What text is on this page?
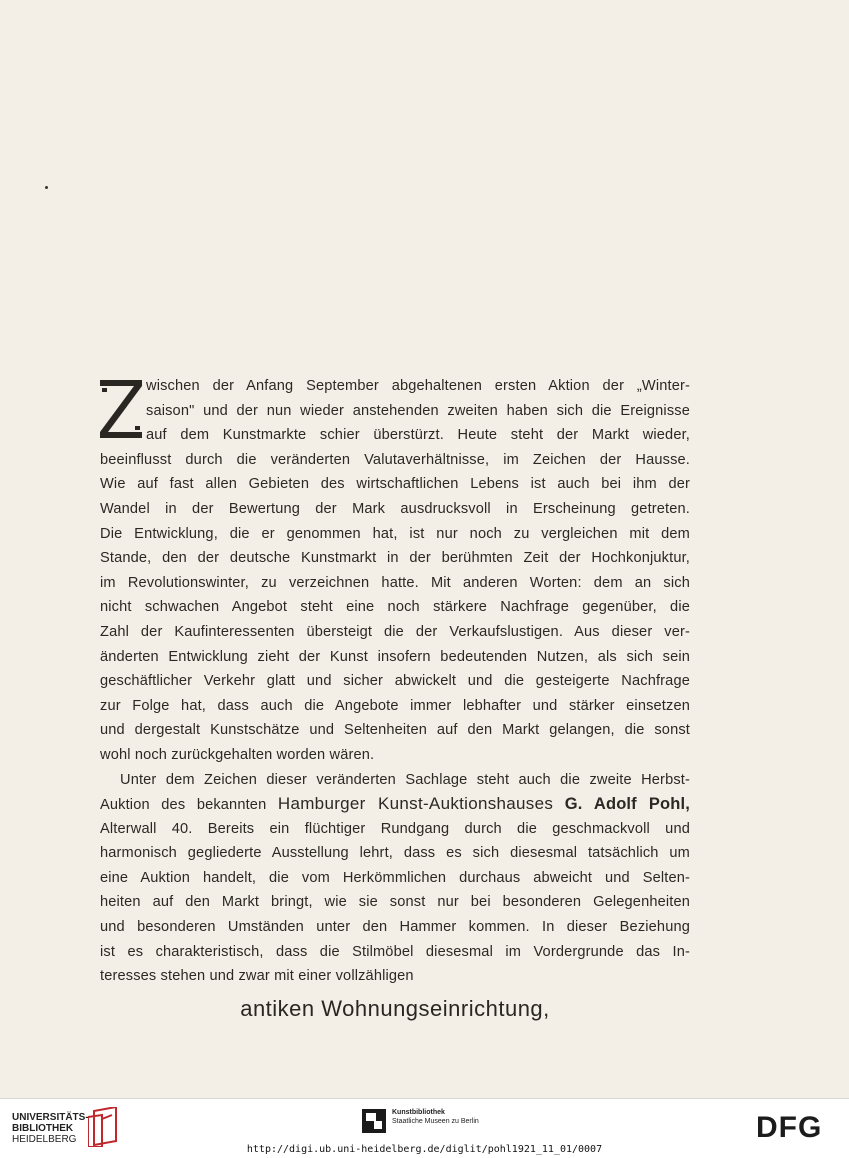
wischen der Anfang September abgehaltenen ersten Aktion der „Winter-
saison" und der nun wieder anstehenden zweiten haben sich die Ereignisse
auf dem Kunstmarkte schier überstürzt. Heute steht der Markt wieder,
beeinflusst durch die veränderten Valutaverhältnisse, im Zeichen der Hausse.
Wie auf fast allen Gebieten des wirtschaftlichen Lebens ist auch bei ihm der
Wandel in der Bewertung der Mark ausdrucksvoll in Erscheinung getreten.
Die Entwicklung, die er genommen hat, ist nur noch zu vergleichen mit dem
Stande, den der deutsche Kunstmarkt in der berühmten Zeit der Hochkonjuktur,
im Revolutionswinter, zu verzeichnen hatte. Mit anderen Worten: dem an sich
nicht schwachen Angebot steht eine noch stärkere Nachfrage gegenüber, die
Zahl der Kaufinteressenten übersteigt die der Verkaufslustigen. Aus dieser ver-
änderten Entwicklung zieht der Kunst insofern bedeutenden Nutzen, als sich sein
geschäftlicher Verkehr glatt und sicher abwickelt und die gesteigerte Nachfrage
zur Folge hat, dass auch die Angebote immer lebhafter und stärker einsetzen
und dergestalt Kunstschätze und Seltenheiten auf den Markt gelangen, die sonst
wohl noch zurückgehalten worden wären.
Unter dem Zeichen dieser veränderten Sachlage steht auch die zweite Herbst-
Auktion des bekannten Hamburger Kunst-Auktionshauses G. Adolf Pohl,
Alterwall 40. Bereits ein flüchtiger Rundgang durch die geschmackvoll und
harmonisch gegliederte Ausstellung lehrt, dass es sich diesesmal tatsächlich um
eine Auktion handelt, die vom Herkömmlichen durchaus abweicht und Selten-
heiten auf den Markt bringt, wie sie sonst nur bei besonderen Gelegenheiten
und besonderen Umständen unter den Hammer kommen. In dieser Beziehung
ist es charakteristisch, dass die Stilmöbel diesesmal im Vordergrunde das In-
teresses stehen und zwar mit einer vollzähligen
antiken Wohnungseinrichtung,
UNIVERSITÄTS-
BIBLIOTHEK
HEIDELBERG
Kunstbibliothek
Staatliche Museen zu Berlin	DFG
http://digi.ub.uni-heidelberg.de/diglit/pohl1921_11_01/0007
